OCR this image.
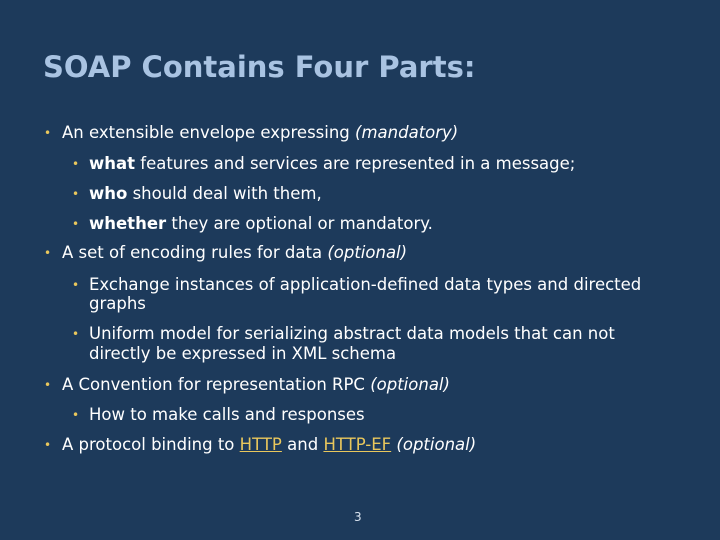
SOAP Contains Four Parts:
• An extensible envelope expressing (mandatory)
• what features and services are represented in a message;
• who should deal with them,
• whether they are optional or mandatory.
• A set of encoding rules for data (optional)
• Exchange instances of application-defined data types and directed
graphs
• Uniform model for serializing abstract data models that can not
directly be expressed in XML schema
• A Convention for representation RPC (optional)
• How to make calls and responses
• A protocol binding to HTTP and HTTP-EF (optional)
3
